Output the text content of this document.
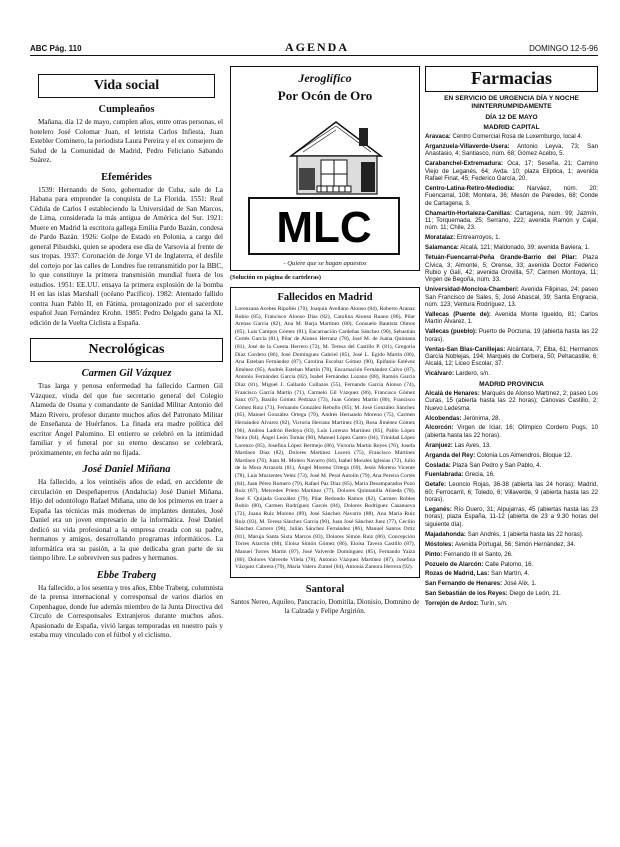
ABC Pág. 110	AGENDA	DOMINGO 12-5-96
Vida social
Cumpleaños

Mañana, día 12 de mayo, cumplen años, entre otras personas, el hotelero José Colomar Juan, el letrista Carlos Infiesta, Juan Estebler Cominero, la periodista Laura Pereira y el ex consejero de Salud de la Comunidad de Madrid, Pedro Feliciano Sabando Suárez.

Efemérides

1539: Hernando de Soto, gobernador de Cuba, sale de La Habana para emprender la conquista de La Florida. 1551: Real Cédula de Carlos I estableciendo la Universidad de San Marcos, de Lima, considerada la más antigua de América del Sur. 1921: Muere en Madrid la escritora gallega Emilia Pardo Bazán, condesa de Pardo Bazán. 1926: Golpe de Estado en Polonia, a cargo del general Pilsudski, quien se apodera ese día de Varsovia al frente de sus tropas. 1937: Coronación de Jorge VI de Inglaterra, el desfile del cortejo por las calles de Londres fue retransmitido por la BBC, lo que constituye la primera transmisión mundial fuera de los estudios. 1951: EE.UU. ensaya la primera explosión de la bomba H en las islas Marshall (océano Pacífico). 1982: Atentado fallido contra Juan Pablo II, en Fátima, protagonizado por el sacerdote español Juan Fernández Krohn. 1985: Pedro Delgado gana la XL edición de la Vuelta Ciclista a España.

Necrológicas
Carmen Gil Vázquez

Tras larga y penosa enfermedad ha fallecido Carmen Gil Vázquez, viuda del que fue secretario general del Colegio Alameda de Osuna y comandante de Sanidad Militar Antonio del Mazo Rivero, profesor durante muchos años del Patronato Militar de Enseñanza de Huérfanos. La finada era madre política del escritor Ángel Palomino. El entierro se celebró en la intimidad familiar y el funeral por su eterno descanso se celebrará, próximamente, en fecha aún no fijada.

José Daniel Miñana

Ha fallecido, a los veintiséis años de edad, en accidente de circulación en Despeñaperros (Andalucía) José Daniel Miñana. Hijo del odontólogo Rafael Miñana, uno de los primeros en traer a España las técnicas más modernas de implantes dentales, José Daniel era un joven empresario de la informática. José Daniel dedicó su vida profesional a la empresa creada con su padre, hermanos y amigos, desarrollando programas informáticos. La informática era su pasión, a la que dedicaba gran parte de su tiempo libre. Le sobreviven sus padres y hermanos.

Ebbe Traberg

Ha fallecido, a los sesenta y tres años, Ebbe Traberg, columnista de la prensa internacional y corresponsal de varios diarios en Copenhague, donde fue además miembro de la Junta Directiva del Círculo de Corresponsales Extranjeros durante muchos años. Apasionado de España, vivió largas temporadas en nuestro país y estaba muy vinculado con el fútbol y el ciclismo.

Jeroglífico
Por Ocón de Oro
MLC
- Quiere que se hagan apuestos
(Solución en página de carteleras)
Fallecidos en Madrid
Lorenzana Acebes Ripollés (70), Joaquín Avellano Alonso (84), Roberto Aranaz Rubio (85), Francisco Alonso Dias (82), Carolina Alonso Ruano (86), Pilar Arenas García (82), Ana M. Barja Martínez (80), Consuelo Bautista Olmos (85), Luis Campos Gómez (81), Encarnación Cardeñas Sánchez (90), Sebastián Cortés García (81), Pilar de Alonso Herranz (78), José M. de Juana Quintana (81), José de la Cuesta Herrero (72), M. Teresa del Castillo P. (81), Gregoria Díaz Cordero (86), José Domínguez Gabriel (85), José L. Egido Martín (86), Ana Esteban Fernández (87), Carolina Escobar Gómez (90), Epifanio Estévez Jiménez (85), Andrés Esteban Martín (78), Encarnación Fernández Calvo (87), Antonio Fernández García (82), Isabel Fernández Lozano (88), Ramón García Díaz (81), Miguel J. Gallardo Collazos (55), Fernando García Alonso (74), Francisco García Martín (71), Carmelo Gil Vázquez (86), Francisco Gómez Sanz (67), Basilio Gómez Pedraza (73), Juan Gómez Martín (80), Francisco Gómez Ruiz (73), Fernando González Rebollo (85), M. José González Sánchez (85), Manuel González Ortega (79), Andrés Hernando Moreno (75), Carmen Hernández Alvarez (82), Victoria Herranz Martínez (93), Rosa Jiménez Gómez (96), Andrea Ladrón Bedoya (83), Luis Lorenzo Martínez (85), Pablo López Neira (84), Ángel León Tomás (90), Manuel López Castro (84), Trinidad López Lorenzo (85), Josefina López Bermejo (86), Victoria Martín Reyes (76), Josefa Martínez Díaz (82), Dolores Martínez Lucero (75), Francisco Martínez Martínez (76), Juan M. Molero Navarro (84), Isabel Morales Iglesias (72), Julio de la Mora Arrazola (81), Ángel Moreno Ortega (69), Jesús Moreno Vicente (78), Luis Mucientes Velez (73), José M. Peral Antolín (79), Ana Pereira Cortés (84), Juan Pérez Romero (79), Rafael Paz Díaz (85), María Desamparados Pozo Ruiz (87), Mercedes Prieto Martínez (77), Dolores Quintanilla Aliseda (78), José F. Quijada González (79), Pilar Redondo Ramos (82), Carmen Robles Rubio (80), Carmen Rodríguez Garcés (84), Dolores Rodríguez Casanueva (72), Juana Ruiz Moreno (89), José Sánchez Navarro (88), Ana María Ruiz Ruiz (83), M. Teresa Sánchez García (90), Juan José Sánchez Juez (77), Cecilio Sánchez Carrero (98), Julián Sánchez Fernández (86), Manuel Santos Ortiz (81), Maruja Santa Sixta Marcos (83), Dolores Simón Ruiz (86), Concepción Torres Alarcón (88), Eloísa Simón Gómez (86), Eloísa Tavera Castillo (87), Manuel Torres Martín (87), José Valverde Domínguez (85), Fernando Yaiza (86), Dolores Valverde Vilela (78), Antonio Vázquez Martínez (87), Josefina Vázquez Cabrera (79), María Valero Zumel (84), Antonia Zamora Herrera (92).
Santoral
Santos Nereo, Aquileo, Pancracio, Domitila, Dionisio, Domnino de la Calzada y Felipe Argirión.
Farmacias
EN SERVICIO DE URGENCIA DÍA Y NOCHE ININTERRUMPIDAMENTE
DÍA 12 DE MAYO
MADRID CAPITAL
Aravaca: Centro Comercial Rosa de Luxemburgo, local 4.
Arganzuela-Villaverde-Usera: Antonio Leyva, 73; San Anastasio, 4; Santiasco, núm. 68; Gómez Acebo, 5.
Carabanchel-Extremadura: Oca, 17; Seseña, 21; Camino Viejo de Leganés, 64; Avda. 10; plaza Elíptica, 1; avenida Rafael Finat, 45; Federico García, 20.
Centro-Latina-Retiro-Mediodía: Narváez, núm. 20; Fuencarral, 108; Montera, 36; Mesón de Paredes, 68; Conde de Cartagena, 3.
Chamartín-Hortaleza-Canillas: Cartagena, núm. 99; Jazmín, 11; Torquemada, 25; Serrano, 222; avenida Ramón y Cajal, núm. 11; Chile, 23.
Moratalaz: Entrearroyos, 1.
Salamanca: Alcalá, 121; Maldonado, 39; avenida Baviera, 1.
Tetuán-Fuencarral-Peña Grande-Barrio del Pilar: Plaza Cívica, 3; Almonte, 5; Orense, 33; avenida Doctor Federico Rubio y Galí, 42; avenida Orovilla, 57; Carmen Montoya, 11; Virgen de Begoña, núm. 33.
Universidad-Moncloa-Chamberí: Avenida Filipinas, 24; paseo San Francisco de Sales, 5; José Abascal, 39; Santa Engracia, núm. 123; Ventura Rodríguez, 13.
Vallecas (Puente de): Avenida Monte Igueldo, 81; Carlos Martín Álvarez, 1.
Vallecas (pueblo): Puerto de Porzuna, 19 (abierta hasta las 22 horas).
Ventas-San Blas-Canillejas: Alcántara, 7; Elba, 61; Hermanos García Noblejas, 194; Marqués de Corbera, 50; Pehacastile, 6; Alcalá, 12; Liceo Escolar, 37.
Vicálvaro: Lardero, s/n.
MADRID PROVINCIA
Alcalá de Henares: Marqués de Alonso Martínez, 2; paseo Los Curas, 15 (abierta hasta las 22 horas); Cánovas Castillo, 2; Nuevo Ledesma.
Alcobendas: Jerónima, 28.
Alcorcón: Virgen de Iciar, 16; Olímpico Cordero Pugs, 10 (abierta hasta las 22 horas).
Aranjuez: Las Aves, 13.
Arganda del Rey: Colonia Los Almendros, Bloque 12.
Coslada: Plaza San Pedro y San Pablo, 4.
Fuenlabrada: Grecia, 16.
Getafe: Leoncio Rojas, 36-38 (abierta las 24 horas); Madrid, 60; Ferrocarril, 6; Toledo, 6; Villaverde, 9 (abierta hasta las 22 horas).
Leganés: Río Duero, 31; Alpujarras, 45 (abiertas hasta las 23 horas); plaza España, 11-12 (abierta de 23 a 9.30 horas del siguiente día).
Majadahonda: San Andrés, 1 (abierta hasta las 22 horas).
Móstoles: Avenida Portugal, 56; Simón Hernández, 34.
Pinto: Fernando III el Santo, 26.
Pozuelo de Alarcón: Calle Palomo, 16.
Rozas de Madrid, Las: San Martín, 4.
San Fernando de Henares: José Alix, 1.
San Sebastián de los Reyes: Diego de León, 21.
Torrejón de Ardoz: Turín, s/n.
